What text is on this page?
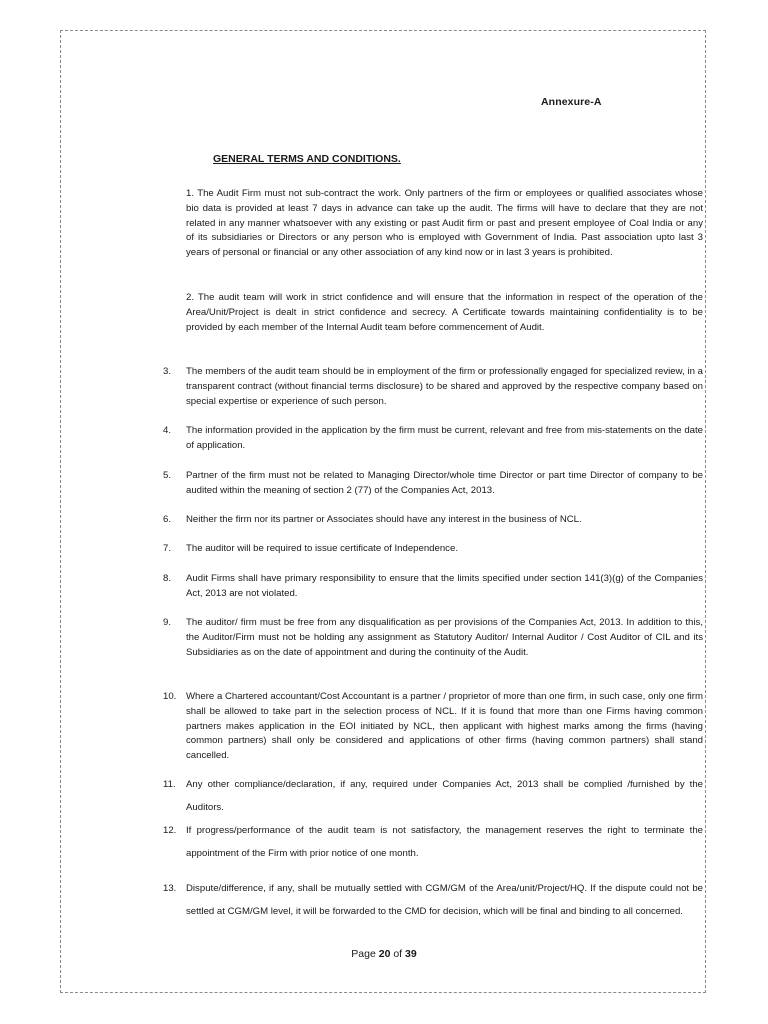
Annexure-A
GENERAL TERMS AND CONDITIONS.
1. The Audit Firm must not sub-contract the work. Only partners of the firm or employees or qualified associates whose bio data is provided at least 7 days in advance can take up the audit. The firms will have to declare that they are not related in any manner whatsoever with any existing or past Audit firm or past and present employee of Coal India or any of its subsidiaries or Directors or any person who is employed with Government of India. Past association upto last 3 years of personal or financial or any other association of any kind now or in last 3 years is prohibited.
2. The audit team will work in strict confidence and will ensure that the information in respect of the operation of the Area/Unit/Project is dealt in strict confidence and secrecy. A Certificate towards maintaining confidentiality is to be provided by each member of the Internal Audit team before commencement of Audit.
3.	The members of the audit team should be in employment of the firm or professionally engaged for specialized review, in a transparent contract (without financial terms disclosure) to be shared and approved by the respective company based on special expertise or experience of such person.
4.	The information provided in the application by the firm must be current, relevant and free from mis-statements on the date of application.
5.	Partner of the firm must not be related to Managing Director/whole time Director or part time Director of company to be audited within the meaning of section 2 (77) of the Companies Act, 2013.
6.	Neither the firm nor its partner or Associates should have any interest in the business of NCL.
7.	The auditor will be required to issue certificate of Independence.
8.	Audit Firms shall have primary responsibility to ensure that the limits specified under section 141(3)(g) of the Companies Act, 2013 are not violated.
9.	The auditor/ firm must be free from any disqualification as per provisions of the Companies Act, 2013. In addition to this, the Auditor/Firm must not be holding any assignment as Statutory Auditor/ Internal Auditor / Cost Auditor of CIL and its Subsidiaries as on the date of appointment and during the continuity of the Audit.
10.	Where a Chartered accountant/Cost Accountant is a partner / proprietor of more than one firm, in such case, only one firm shall be allowed to take part in the selection process of NCL. If it is found that more than one Firms having common partners makes application in the EOI initiated by NCL, then applicant with highest marks among the firms (having common partners) shall only be considered and applications of other firms (having common partners) shall stand cancelled.
11.	Any other compliance/declaration, if any, required under Companies Act, 2013 shall be complied /furnished by the Auditors.
12.	If progress/performance of the audit team is not satisfactory, the management reserves the right to terminate the appointment of the Firm with prior notice of one month.
13.	Dispute/difference, if any, shall be mutually settled with CGM/GM of the Area/unit/Project/HQ. If the dispute could not be settled at CGM/GM level, it will be forwarded to the CMD for decision, which will be final and binding to all concerned.
Page 20 of 39
